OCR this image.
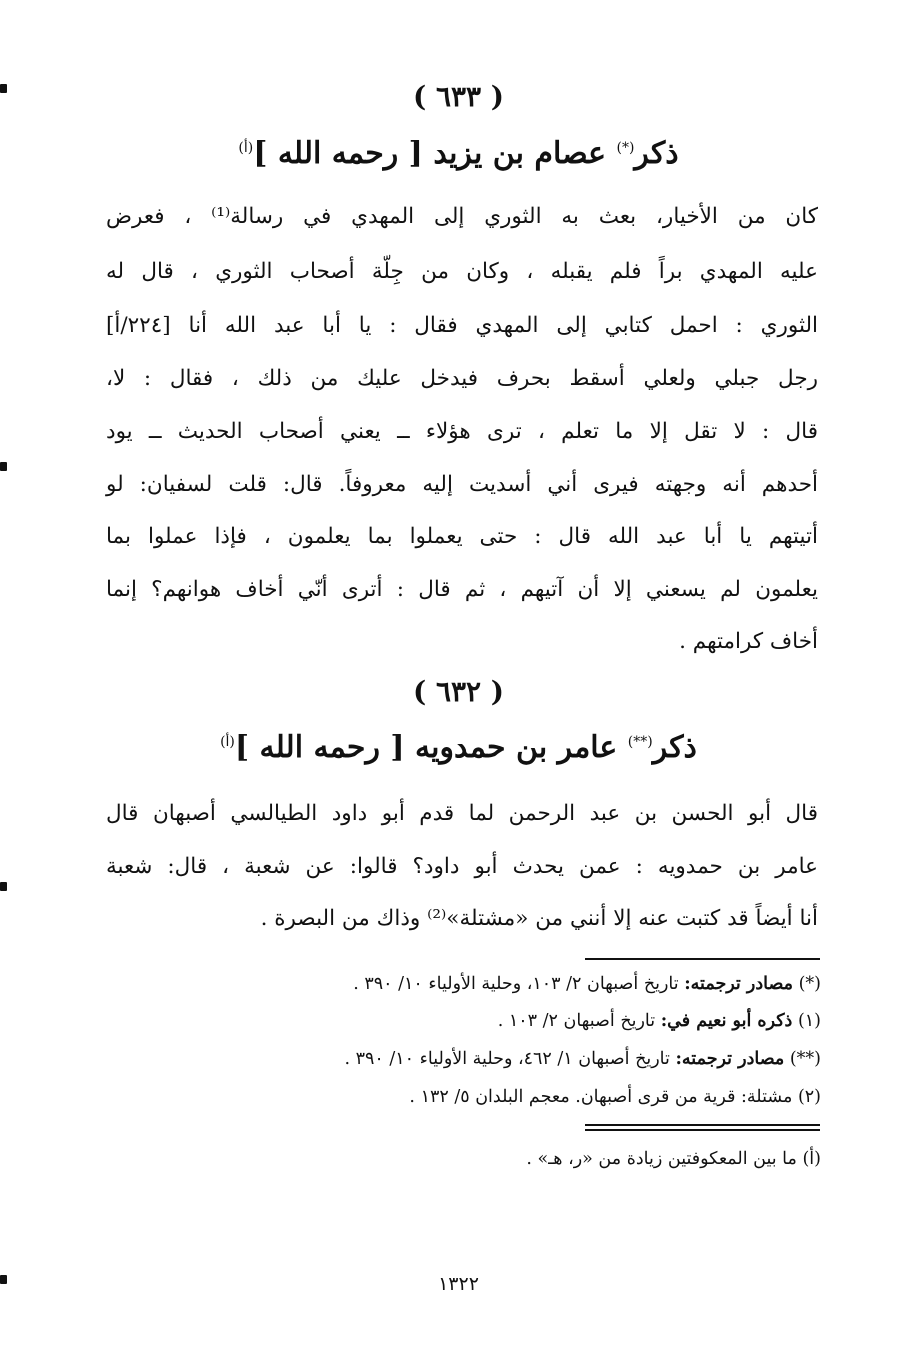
( ٦٣٣ )
ذكر(*) عصام بن يزيد [ رحمه الله ]$^{(أ)}$
كان من الأخيار، بعث به الثوري إلى المهدي في رسالة⁽¹⁾ ، فعرض
عليه المهدي براً فلم يقبله ، وكان من جِلّة أصحاب الثوري ، قال له
الثوري : احمل كتابي إلى المهدي فقال : يا أبا عبد الله أنا [٢٢٤/أ]
رجل جبلي ولعلي أسقط بحرف فيدخل عليك من ذلك ، فقال : لا،
قال : لا تقل إلا ما تعلم ، ترى هؤلاء ــ يعني أصحاب الحديث ــ يود
أحدهم أنه وجهته فيرى أني أسديت إليه معروفاً. قال: قلت لسفيان: لو
أتيتهم يا أبا عبد الله قال : حتى يعملوا بما يعلمون ، فإذا عملوا بما
يعلمون لم يسعني إلا أن آتيهم ، ثم قال : أترى أنّي أخاف هوانهم؟ إنما
أخاف كرامتهم .
( ٦٣٢ )
ذكر(**) عامر بن حمدويه [ رحمه الله ]$^{(أ)}$
قال أبو الحسن بن عبد الرحمن لما قدم أبو داود الطيالسي أصبهان قال
عامر بن حمدويه : عمن يحدث أبو داود؟ قالوا: عن شعبة ، قال: شعبة
أنا أيضاً قد كتبت عنه إلا أنني من «مشتلة»⁽²⁾ وذاك من البصرة .
(*) مصادر ترجمته: تاريخ أصبهان ٢/ ١٠٣، وحلية الأولياء ١٠/ ٣٩٠ .
(١) ذكره أبو نعيم في: تاريخ أصبهان ٢/ ١٠٣ .
(**) مصادر ترجمته: تاريخ أصبهان ١/ ٤٦٢، وحلية الأولياء ١٠/ ٣٩٠ .
(٢) مشتلة: قرية من قرى أصبهان. معجم البلدان ٥/ ١٣٢ .
(أ) ما بين المعكوفتين زيادة من «ر، هـ» .
١٣٢٢
